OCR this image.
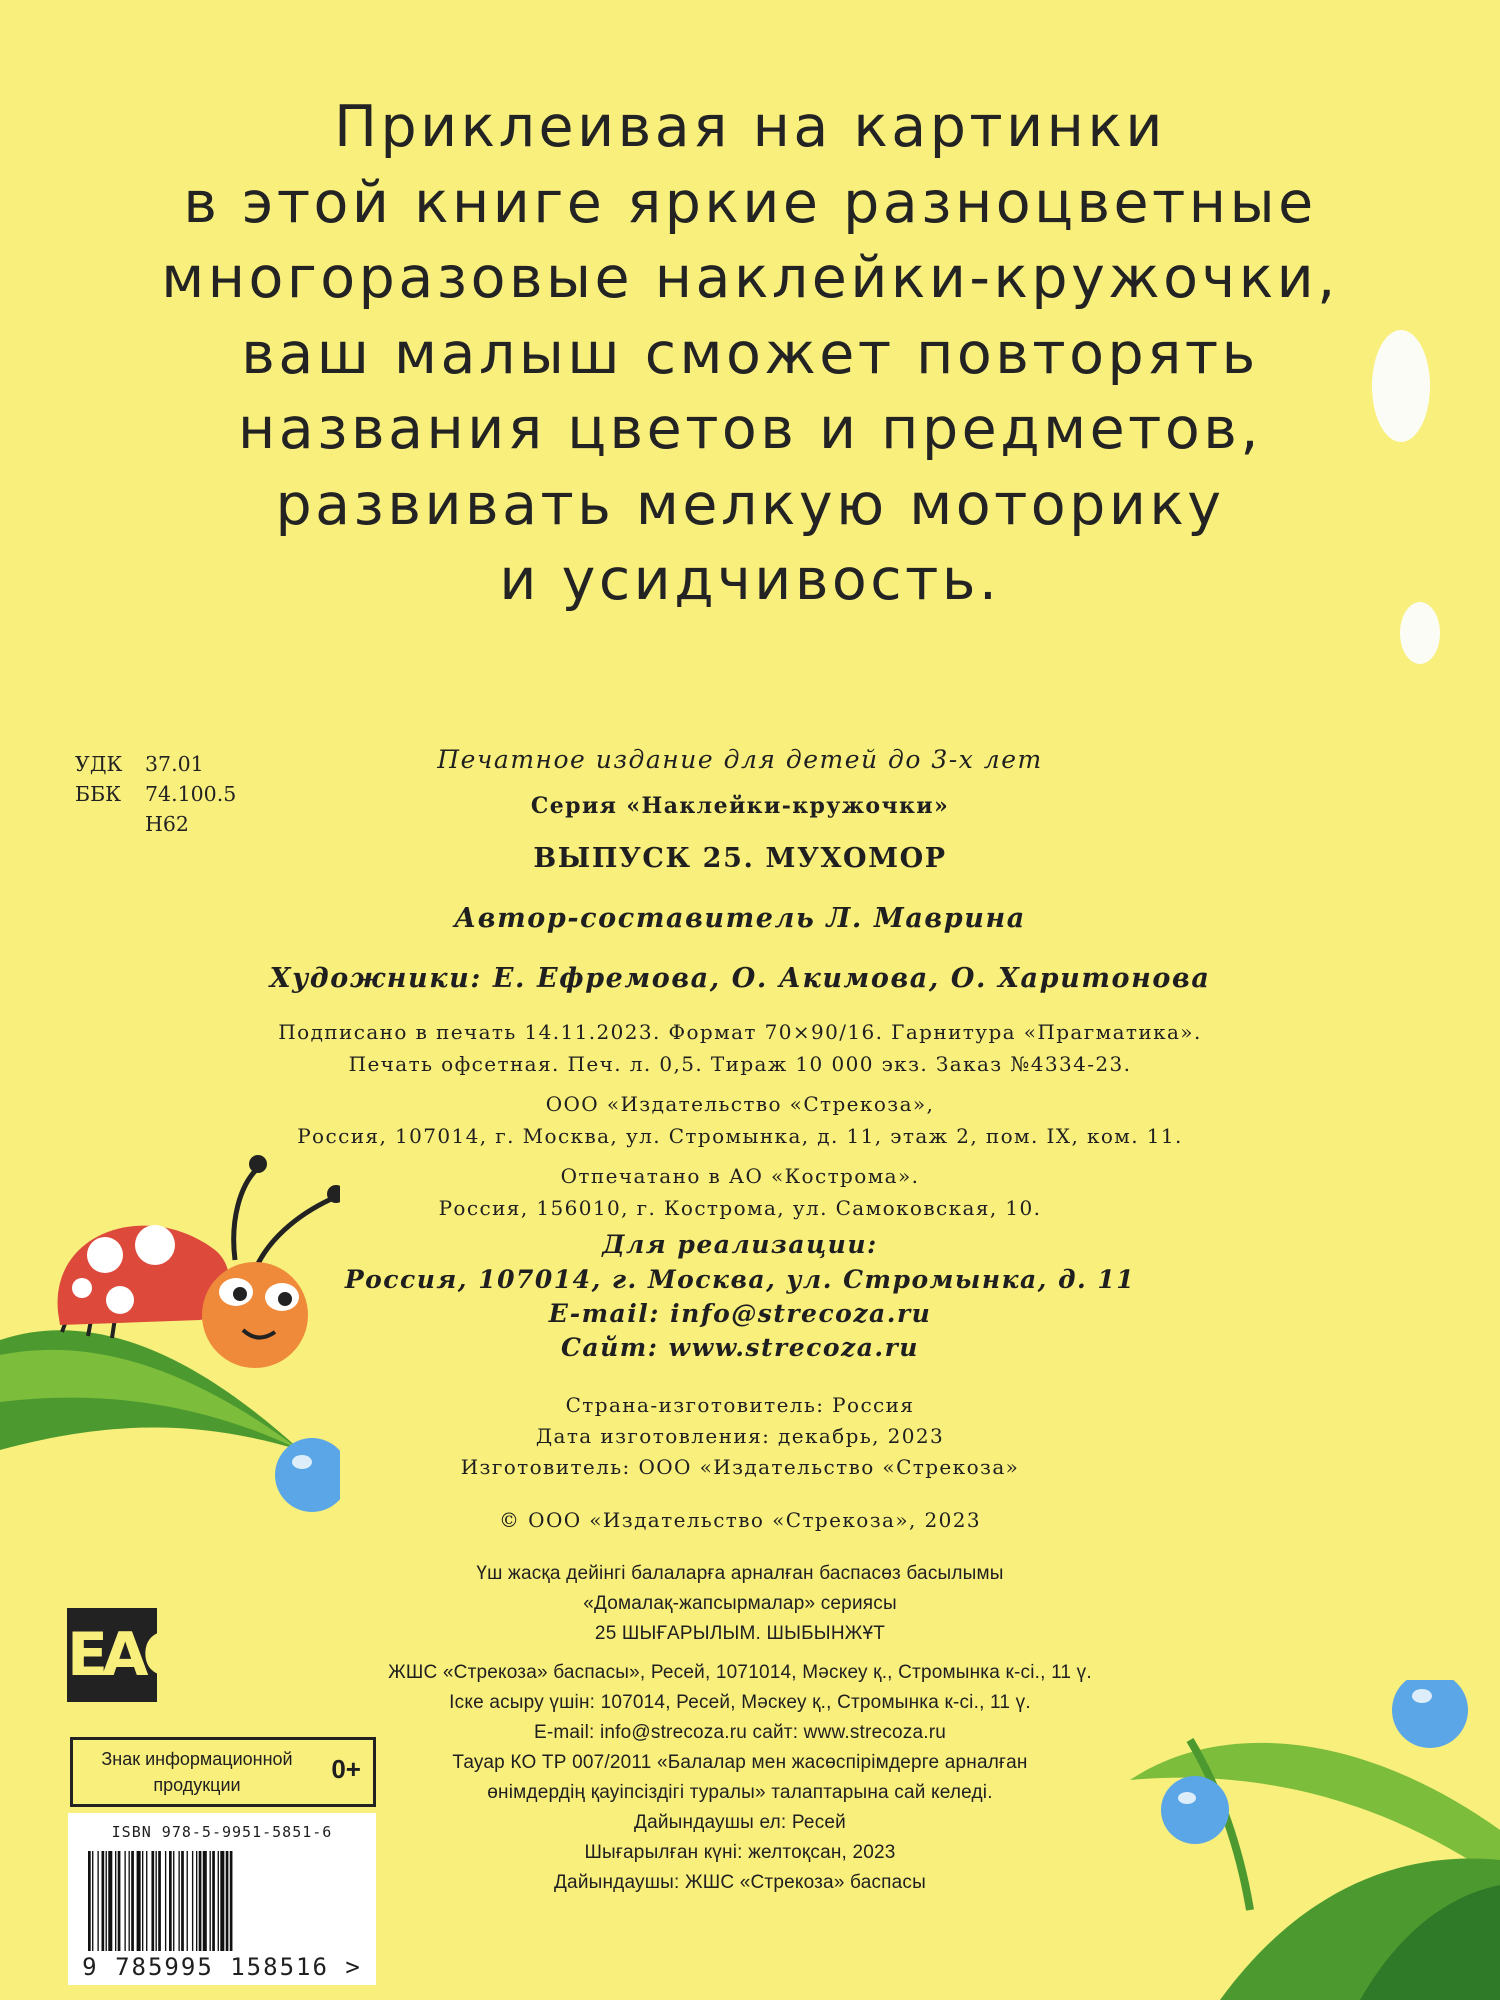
Приклеивая на картинки
в этой книге яркие разноцветные
многоразовые наклейки-кружочки,
ваш малыш сможет повторять
названия цветов и предметов,
развивать мелкую моторику
и усидчивость.
УДК 37.01
ББК 74.100.5
Н62
Печатное издание для детей до 3-х лет
Серия «Наклейки-кружочки»
ВЫПУСК 25. МУХОМОР
Автор-составитель Л. Маврина
Художники: Е. Ефремова, О. Акимова, О. Харитонова
Подписано в печать 14.11.2023. Формат 70×90/16. Гарнитура «Прагматика».
Печать офсетная. Печ. л. 0,5. Тираж 10 000 экз. Заказ №4334-23.
ООО «Издательство «Стрекоза»,
Россия, 107014, г. Москва, ул. Стромынка, д. 11, этаж 2, пом. IX, ком. 11.
Отпечатано в АО «Кострома».
Россия, 156010, г. Кострома, ул. Самоковская, 10.
Для реализации:
Россия, 107014, г. Москва, ул. Стромынка, д. 11
E-mail: info@strecoza.ru
Сайт: www.strecoza.ru
Страна-изготовитель: Россия
Дата изготовления: декабрь, 2023
Изготовитель: ООО «Издательство «Стрекоза»
© ООО «Издательство «Стрекоза», 2023
Үш жасқа дейінгі балаларға арналған баспасөз басылымы
«Домалақ-жапсырмалар» сериясы
25 ШЫҒАРЫЛЫМ. ШЫБЫНЖҰТ
ЖШС «Стрекоза» баспасы», Ресей, 1071014, Мәскеу қ., Стромынка к-сі., 11 ү.
Іске асыру үшін: 107014, Ресей, Мәскеу қ., Стромынка к-сі., 11 ү.
E-mail: info@strecoza.ru сайт: www.strecoza.ru
Тауар КО ТР 007/2011 «Балалар мен жасөспірімдерге арналған
өнімдердің қауіпсіздігі туралы» талаптарына сай келеді.
Дайындаушы ел: Ресей
Шығарылған күні: желтоқсан, 2023
Дайындаушы: ЖШС «Стрекоза» баспасы
EAC
Знак информационной продукции
0+
ISBN 978-5-9951-5851-6
9 785995 158516 >
